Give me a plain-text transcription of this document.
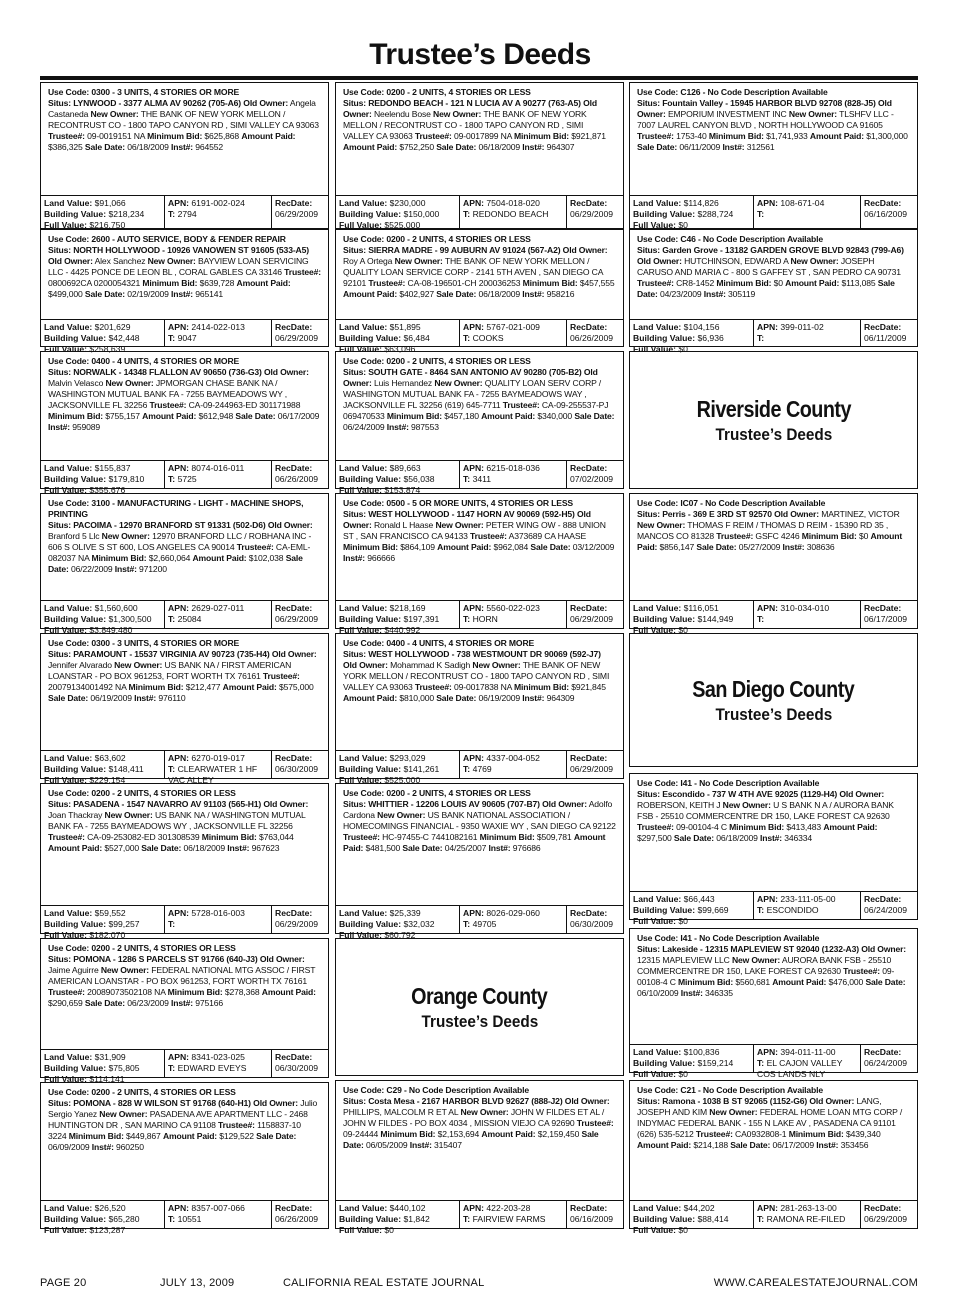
Trustee’s Deeds
Use Code: 0300 - 3 UNITS, 4 STORIES OR MORE
Situs: LYNWOOD - 3377 ALMA AV 90262 (705-A6) Old Owner: Angela Castaneda New Owner: THE BANK OF NEW YORK MELLON / RECONTRUST CO - 1800 TAPO CANYON RD , SIMI VALLEY CA 93063 Trustee#: 09-0019151 NA Minimum Bid: $625,868 Amount Paid: $386,325 Sale Date: 06/18/2009 Inst#: 964552
Land Value: $91,066
Building Value: $218,234
Full Value: $216,750
APN: 6191-002-024
T: 2794
RecDate:
06/29/2009
Use Code: 2600 - AUTO SERVICE, BODY & FENDER REPAIR
Situs: NORTH HOLLYWOOD - 10926 VANOWEN ST 91605 (533-A5) Old Owner: Alex Sanchez New Owner: BAYVIEW LOAN SERVICING LLC - 4425 PONCE DE LEON BL , CORAL GABLES CA 33146 Trustee#: 0800692CA 0200054321 Minimum Bid: $639,728 Amount Paid: $499,000 Sale Date: 02/19/2009 Inst#: 965141
Land Value: $201,629
Building Value: $42,448
Full Value: $258,639
APN: 2414-022-013
T: 9047
RecDate:
06/29/2009
Use Code: 0400 - 4 UNITS, 4 STORIES OR MORE
Situs: NORWALK - 14348 FLALLON AV 90650 (736-G3) Old Owner: Malvin Velasco New Owner: JPMORGAN CHASE BANK NA / WASHINGTON MUTUAL BANK FA - 7255 BAYMEADOWS WY , JACKSONVILLE FL 32256 Trustee#: CA-09-244963-ED 301171988 Minimum Bid: $755,157 Amount Paid: $612,948 Sale Date: 06/17/2009 Inst#: 959089
Land Value: $155,837
Building Value: $179,810
Full Value: $355,676
APN: 8074-016-011
T: 5725
RecDate:
06/26/2009
Use Code: 3100 - MANUFACTURING - LIGHT - MACHINE SHOPS, PRINTING
Situs: PACOIMA - 12970 BRANFORD ST 91331 (502-D6) Old Owner: Branford 5 Llc New Owner: 12970 BRANFORD LLC / ROBHANA INC - 606 S OLIVE S ST 600, LOS ANGELES CA 90014 Trustee#: CA-EML-082037 NA Minimum Bid: $2,660,064 Amount Paid: $102,038 Sale Date: 06/22/2009 Inst#: 971200
Land Value: $1,560,600
Building Value: $1,300,500
Full Value: $3,849,480
APN: 2629-027-011
T: 25084
RecDate:
06/29/2009
Use Code: 0300 - 3 UNITS, 4 STORIES OR MORE
Situs: PARAMOUNT - 15537 VIRGINIA AV 90723 (735-H4) Old Owner: Jennifer Alvarado New Owner: US BANK NA / FIRST AMERICAN LOANSTAR - PO BOX 961253, FORT WORTH TX 76161 Trustee#: 20079134001492 NA Minimum Bid: $212,477 Amount Paid: $575,000 Sale Date: 06/19/2009 Inst#: 976110
Land Value: $63,602
Building Value: $148,411
Full Value: $229,154
APN: 6270-019-017
T: CLEARWATER 1 HF VAC ALLEY
RecDate:
06/30/2009
Use Code: 0200 - 2 UNITS, 4 STORIES OR LESS
Situs: PASADENA - 1547 NAVARRO AV 91103 (565-H1) Old Owner: Joan Thackray New Owner: US BANK NA / WASHINGTON MUTUAL BANK FA - 7255 BAYMEADOWS WY , JACKSONVILLE FL 32256 Trustee#: CA-09-253082-ED 301308539 Minimum Bid: $763,044 Amount Paid: $527,000 Sale Date: 06/18/2009 Inst#: 967623
Land Value: $59,552
Building Value: $99,257
Full Value: $182,070
APN: 5728-016-003
T:
RecDate:
06/29/2009
Use Code: 0200 - 2 UNITS, 4 STORIES OR LESS
Situs: POMONA - 1286 S PARCELS ST 91766 (640-J3) Old Owner: Jaime Aguirre New Owner: FEDERAL NATIONAL MTG ASSOC / FIRST AMERICAN LOANSTAR - PO BOX 961253, FORT WORTH TX 76161 Trustee#: 20089073502108 NA Minimum Bid: $278,368 Amount Paid: $290,659 Sale Date: 06/23/2009 Inst#: 975166
Land Value: $31,909
Building Value: $75,805
Full Value: $114,141
APN: 8341-023-025
T: EDWARD EVEYS
RecDate:
06/30/2009
Use Code: 0200 - 2 UNITS, 4 STORIES OR LESS
Situs: POMONA - 828 W WILSON ST 91768 (640-H1) Old Owner: Julio Sergio Yanez New Owner: PASADENA AVE APARTMENT LLC - 2468 HUNTINGTON DR , SAN MARINO CA 91108 Trustee#: 1158837-10 3224 Minimum Bid: $449,867 Amount Paid: $129,522 Sale Date: 06/09/2009 Inst#: 960250
Land Value: $26,520
Building Value: $65,280
Full Value: $123,287
APN: 8357-007-066
T: 10551
RecDate:
06/26/2009
Use Code: 0200 - 2 UNITS, 4 STORIES OR LESS
Situs: REDONDO BEACH - 121 N LUCIA AV A 90277 (763-A5) Old Owner: Neelendu Bose New Owner: THE BANK OF NEW YORK MELLON / RECONTRUST CO - 1800 TAPO CANYON RD , SIMI VALLEY CA 93063 Trustee#: 09-0017899 NA Minimum Bid: $921,871 Amount Paid: $752,250 Sale Date: 06/18/2009 Inst#: 964307
Land Value: $230,000
Building Value: $150,000
Full Value: $525,000
APN: 7504-018-020
T: REDONDO BEACH
RecDate:
06/29/2009
Use Code: 0200 - 2 UNITS, 4 STORIES OR LESS
Situs: SIERRA MADRE - 99 AUBURN AV 91024 (567-A2) Old Owner: Roy A Ortega New Owner: THE BANK OF NEW YORK MELLON / QUALITY LOAN SERVICE CORP - 2141 5TH AVEN , SAN DIEGO CA 92101 Trustee#: CA-08-196501-CH 200036253 Minimum Bid: $457,555 Amount Paid: $402,927 Sale Date: 06/18/2009 Inst#: 958216
Land Value: $51,895
Building Value: $6,484
Full Value: $63,096
APN: 5767-021-009
T: COOKS
RecDate:
06/26/2009
Use Code: 0200 - 2 UNITS, 4 STORIES OR LESS
Situs: SOUTH GATE - 8464 SAN ANTONIO AV 90280 (705-B2) Old Owner: Luis Hernandez New Owner: QUALITY LOAN SERV CORP / WASHINGTON MUTUAL BANK FA - 7255 BAYMEADOWS WAY , JACKSONVILLE FL 32256 (619) 645-7711 Trustee#: CA-09-255537-PJ 069470533 Minimum Bid: $457,180 Amount Paid: $340,000 Sale Date: 06/24/2009 Inst#: 987553
Land Value: $89,663
Building Value: $56,038
Full Value: $153,874
APN: 6215-018-036
T: 3411
RecDate:
07/02/2009
Use Code: 0500 - 5 OR MORE UNITS, 4 STORIES OR LESS
Situs: WEST HOLLYWOOD - 1147 HORN AV 90069 (592-H5) Old Owner: Ronald L Haase New Owner: PETER WING OW - 888 UNION ST , SAN FRANCISCO CA 94133 Trustee#: A373689 CA HAASE Minimum Bid: $864,109 Amount Paid: $962,084 Sale Date: 03/12/2009 Inst#: 966666
Land Value: $218,169
Building Value: $197,391
Full Value: $440,992
APN: 5560-022-023
T: HORN
RecDate:
06/29/2009
Use Code: 0400 - 4 UNITS, 4 STORIES OR MORE
Situs: WEST HOLLYWOOD - 738 WESTMOUNT DR 90069 (592-J7) Old Owner: Mohammad K Sadigh New Owner: THE BANK OF NEW YORK MELLON / RECONTRUST CO - 1800 TAPO CANYON RD , SIMI VALLEY CA 93063 Trustee#: 09-0017838 NA Minimum Bid: $921,845 Amount Paid: $810,000 Sale Date: 06/19/2009 Inst#: 964309
Land Value: $293,029
Building Value: $141,261
Full Value: $525,000
APN: 4337-004-052
T: 4769
RecDate:
06/29/2009
Use Code: 0200 - 2 UNITS, 4 STORIES OR LESS
Situs: WHITTIER - 12206 LOUIS AV 90605 (707-B7) Old Owner: Adolfo Cardona New Owner: US BANK NATIONAL ASSOCIATION / HOMECOMINGS FINANCIAL - 9350 WAXIE WY , SAN DIEGO CA 92122 Trustee#: HC-97455-C 7441082161 Minimum Bid: $509,781 Amount Paid: $481,500 Sale Date: 04/25/2007 Inst#: 976686
Land Value: $25,339
Building Value: $32,032
Full Value: $60,792
APN: 8026-029-060
T: 49705
RecDate:
06/30/2009
Use Code: C29 - No Code Description Available
Situs: Costa Mesa - 2167 HARBOR BLVD 92627 (888-J2) Old Owner: PHILLIPS, MALCOLM R ET AL New Owner: JOHN W FILDES ET AL / JOHN W FILDES - PO BOX 4034 , MISSION VIEJO CA 92690 Trustee#: 09-24444 Minimum Bid: $2,153,694 Amount Paid: $2,159,450 Sale Date: 06/05/2009 Inst#: 315407
Land Value: $440,102
Building Value: $1,842
Full Value: $0
APN: 422-203-28
T: FAIRVIEW FARMS
RecDate:
06/16/2009
Orange County
Trustee’s Deeds
Use Code: C126 - No Code Description Available
Situs: Fountain Valley - 15945 HARBOR BLVD 92708 (828-J5) Old Owner: EMPORIUM INVESTMENT INC New Owner: TLSHFV LLC - 7007 LAUREL CANYON BLVD , NORTH HOLLYWOOD CA 91605 Trustee#: 1753-40 Minimum Bid: $1,741,933 Amount Paid: $1,300,000 Sale Date: 06/11/2009 Inst#: 312561
Land Value: $114,826
Building Value: $288,724
Full Value: $0
APN: 108-671-04
T:
RecDate:
06/16/2009
Use Code: C46 - No Code Description Available
Situs: Garden Grove - 13182 GARDEN GROVE BLVD 92843 (799-A6) Old Owner: HUTCHINSON, EDWARD A New Owner: JOSEPH CARUSO AND MARIA C - 800 S GAFFEY ST , SAN PEDRO CA 90731 Trustee#: CR8-1452 Minimum Bid: $0 Amount Paid: $113,085 Sale Date: 04/23/2009 Inst#: 305119
Land Value: $104,156
Building Value: $6,936
Full Value: $0
APN: 399-011-02
T:
RecDate:
06/11/2009
Use Code: IC07 - No Code Description Available
Situs: Perris - 369 E 3RD ST 92570 Old Owner: MARTINEZ, VICTOR New Owner: THOMAS F REIM / THOMAS D REIM - 15390 RD 35 , MANCOS CO 81328 Trustee#: GSFC 4246 Minimum Bid: $0 Amount Paid: $856,147 Sale Date: 05/27/2009 Inst#: 308636
Land Value: $116,051
Building Value: $144,949
Full Value: $0
APN: 310-034-010
T:
RecDate:
06/17/2009
Use Code: I41 - No Code Description Available
Situs: Escondido - 737 W 4TH AVE 92025 (1129-H4) Old Owner: ROBERSON, KEITH J New Owner: U S BANK N A / AURORA BANK FSB - 25510 COMMERCENTRE DR 150, LAKE FOREST CA 92630 Trustee#: 09-00104-4 C Minimum Bid: $413,483 Amount Paid: $297,500 Sale Date: 06/18/2009 Inst#: 346334
Land Value: $66,443
Building Value: $99,669
Full Value: $0
APN: 233-111-05-00
T: ESCONDIDO
RecDate:
06/24/2009
Use Code: I41 - No Code Description Available
Situs: Lakeside - 12315 MAPLEVIEW ST 92040 (1232-A3) Old Owner: 12315 MAPLEVIEW LLC New Owner: AURORA BANK FSB - 25510 COMMERCENTRE DR 150, LAKE FOREST CA 92630 Trustee#: 09-00108-4 C Minimum Bid: $560,681 Amount Paid: $476,000 Sale Date: 06/10/2009 Inst#: 346335
Land Value: $100,836
Building Value: $159,214
Full Value: $0
APN: 394-011-11-00
T: EL CAJON VALLEY COS LANDS NLY
RecDate:
06/24/2009
Use Code: C21 - No Code Description Available
Situs: Ramona - 1038 B ST 92065 (1152-G6) Old Owner: LANG, JOSEPH AND KIM New Owner: FEDERAL HOME LOAN MTG CORP / INDYMAC FEDERAL BANK - 155 N LAKE AV , PASADENA CA 91101 (626) 535-5212 Trustee#: CA0932808-1 Minimum Bid: $439,340 Amount Paid: $214,188 Sale Date: 06/17/2009 Inst#: 353456
Land Value: $44,202
Building Value: $88,414
Full Value: $0
APN: 281-263-13-00
T: RAMONA RE-FILED
RecDate:
06/29/2009
Riverside County
Trustee’s Deeds
San Diego County
Trustee’s Deeds
PAGE 20	JULY 13, 2009	CALIFORNIA REAL ESTATE JOURNAL	WWW.CAREALESTATEJOURNAL.COM
